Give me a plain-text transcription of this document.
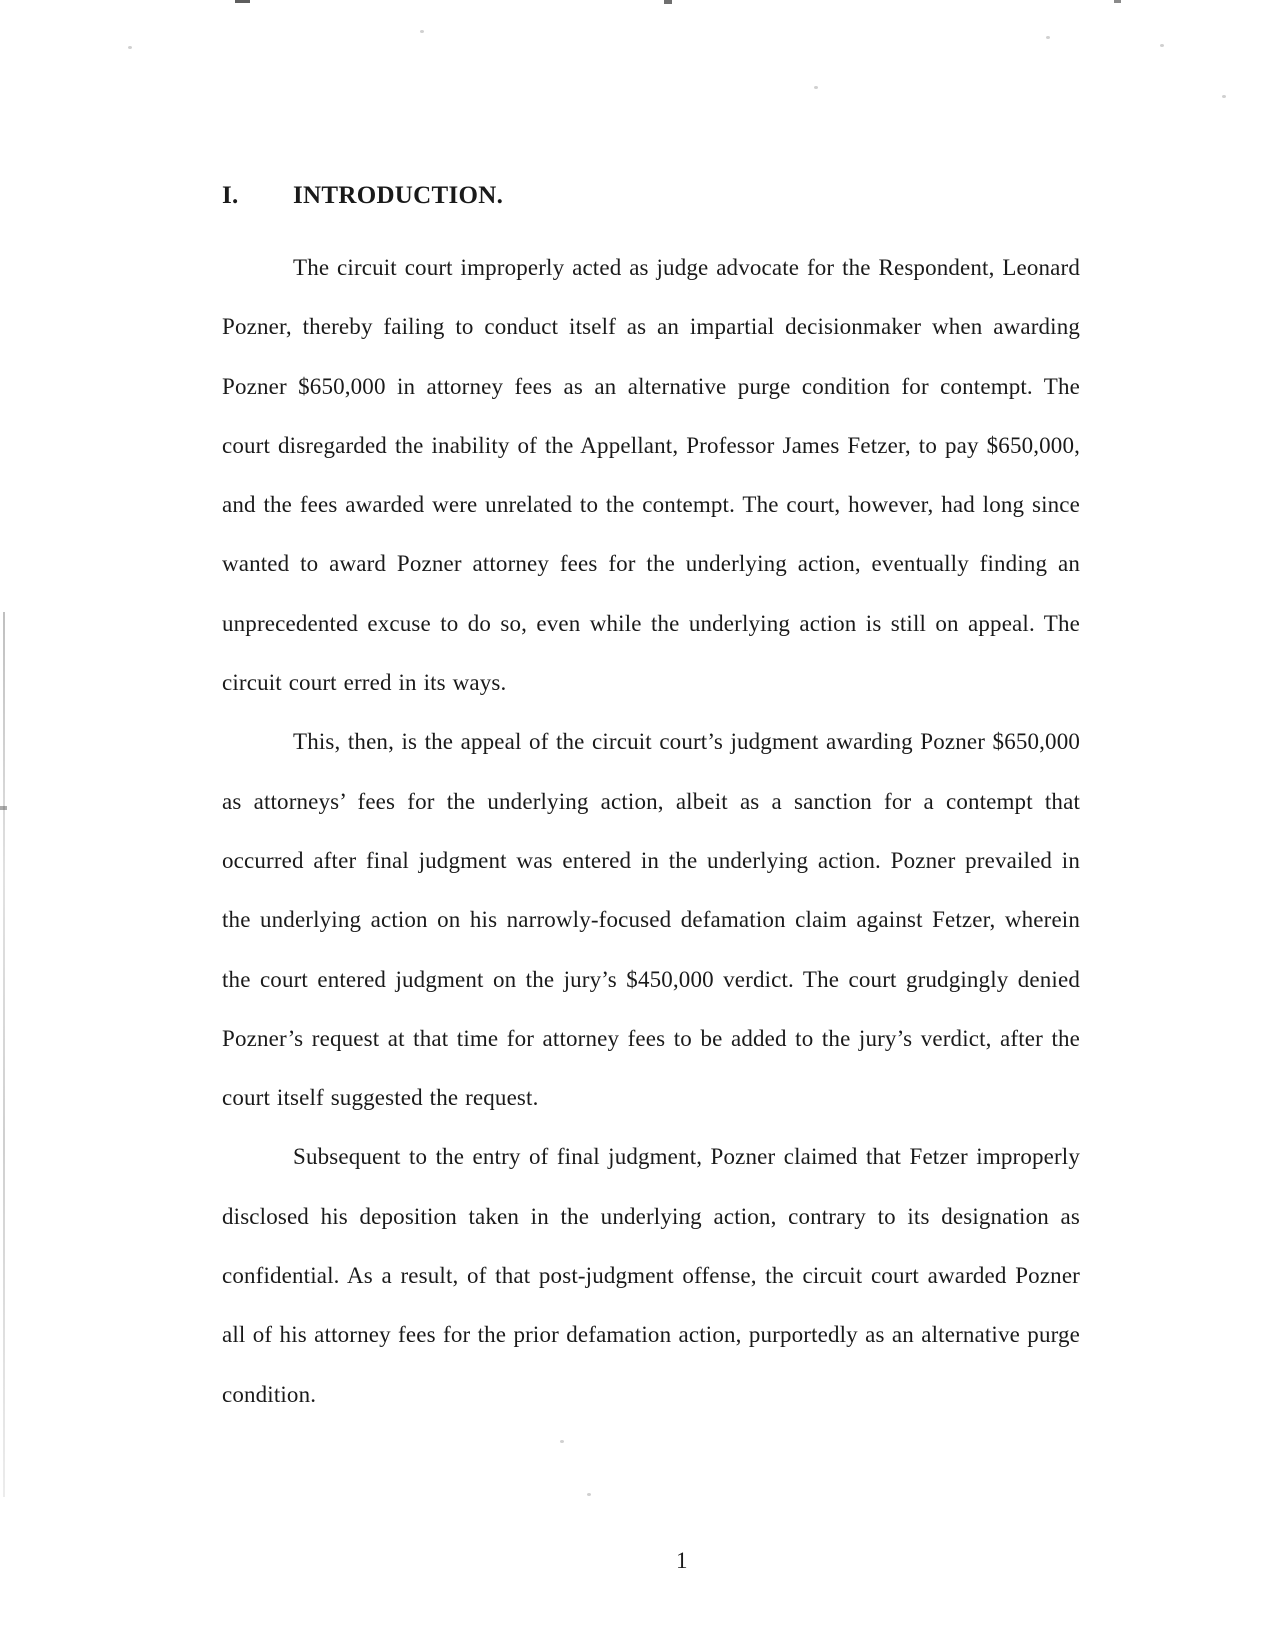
I. INTRODUCTION.

The circuit court improperly acted as judge advocate for the Respondent, Leonard Pozner, thereby failing to conduct itself as an impartial decisionmaker when awarding Pozner $650,000 in attorney fees as an alternative purge condition for contempt. The court disregarded the inability of the Appellant, Professor James Fetzer, to pay $650,000, and the fees awarded were unrelated to the contempt. The court, however, had long since wanted to award Pozner attorney fees for the underlying action, eventually finding an unprecedented excuse to do so, even while the underlying action is still on appeal. The circuit court erred in its ways.

This, then, is the appeal of the circuit court’s judgment awarding Pozner $650,000 as attorneys’ fees for the underlying action, albeit as a sanction for a contempt that occurred after final judgment was entered in the underlying action. Pozner prevailed in the underlying action on his narrowly-focused defamation claim against Fetzer, wherein the court entered judgment on the jury’s $450,000 verdict. The court grudgingly denied Pozner’s request at that time for attorney fees to be added to the jury’s verdict, after the court itself suggested the request.

Subsequent to the entry of final judgment, Pozner claimed that Fetzer improperly disclosed his deposition taken in the underlying action, contrary to its designation as confidential. As a result, of that post-judgment offense, the circuit court awarded Pozner all of his attorney fees for the prior defamation action, purportedly as an alternative purge condition.

1
